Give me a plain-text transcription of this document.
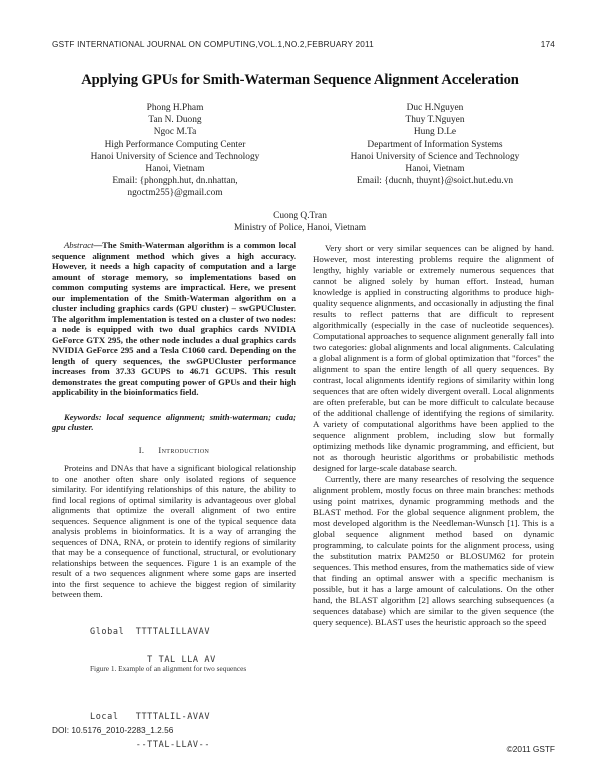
GSTF INTERNATIONAL JOURNAL ON COMPUTING,VOL.1,NO.2,FEBRUARY 2011	174
Applying GPUs for Smith-Waterman Sequence Alignment Acceleration
Phong H.Pham
Tan N. Duong
Ngoc M.Ta
High Performance Computing Center
Hanoi University of Science and Technology
Hanoi, Vietnam
Email: {phongph.hut, dn.nhattan,
ngoctm255}@gmail.com
Duc H.Nguyen
Thuy T.Nguyen
Hung D.Le
Department of Information Systems
Hanoi University of Science and Technology
Hanoi, Vietnam
Email: {ducnh, thuynt}@soict.hut.edu.vn
Cuong Q.Tran
Ministry of Police, Hanoi, Vietnam

Abstract—The Smith-Waterman algorithm is a common local sequence alignment method which gives a high accuracy. However, it needs a high capacity of computation and a large amount of storage memory, so implementations based on common computing systems are impractical. Here, we present our implementation of the Smith-Waterman algorithm on a cluster including graphics cards (GPU cluster) – swGPUCluster. The algorithm implementation is tested on a cluster of two nodes: a node is equipped with two dual graphics cards NVIDIA GeForce GTX 295, the other node includes a dual graphics cards NVIDIA GeForce 295 and a Tesla C1060 card. Depending on the length of query sequences, the swGPUCluster performance increases from 37.33 GCUPS to 46.71 GCUPS. This result demonstrates the great computing power of GPUs and their high applicability in the bioinformatics field.

Keywords: local sequence alignment; smith-waterman; cuda; gpu cluster.

I. Introduction

Proteins and DNAs that have a significant biological relationship to one another often share only isolated regions of sequence similarity. For identifying relationships of this nature, the ability to find local regions of optimal similarity is advantageous over global alignments that optimize the overall alignment of two entire sequences. Sequence alignment is one of the typical sequence data analysis problems in bioinformatics. It is a way of arranging the sequences of DNA, RNA, or protein to identify regions of similarity that may be a consequence of functional, structural, or evolutionary relationships between the sequences. Figure 1 is an example of the result of a two sequences alignment where some gaps are inserted into the first sequence to achieve the biggest region of similarity between them.

Global TTTTALILLAVAV

T TAL LLA AV

Local TTTTALIL-AVAV

--TTAL-LLAV--

Figure 1. Example of an alignment for two sequences

Very short or very similar sequences can be aligned by hand. However, most interesting problems require the alignment of lengthy, highly variable or extremely numerous sequences that cannot be aligned solely by human effort. Instead, human knowledge is applied in constructing algorithms to produce high-quality sequence alignments, and occasionally in adjusting the final results to reflect patterns that are difficult to represent algorithmically (especially in the case of nucleotide sequences). Computational approaches to sequence alignment generally fall into two categories: global alignments and local alignments. Calculating a global alignment is a form of global optimization that "forces" the alignment to span the entire length of all query sequences. By contrast, local alignments identify regions of similarity within long sequences that are often widely divergent overall. Local alignments are often preferable, but can be more difficult to calculate because of the additional challenge of identifying the regions of similarity. A variety of computational algorithms have been applied to the sequence alignment problem, including slow but formally optimizing methods like dynamic programming, and efficient, but not as thorough heuristic algorithms or probabilistic methods designed for large-scale database search.

Currently, there are many researches of resolving the sequence alignment problem, mostly focus on three main branches: methods using point matrixes, dynamic programming methods and the BLAST method. For the global sequence alignment problem, the most developed algorithm is the Needleman-Wunsch [1]. This is a global sequence alignment method based on dynamic programming, to calculate points for the alignment process, using the substitution matrix PAM250 or BLOSUM62 for protein sequences. This method ensures, from the mathematics side of view that finding an optimal answer with a specific mechanism is possible, but it has a large amount of calculations. On the other hand, the BLAST algorithm [2] allows searching subsequences (a sequences database) which are similar to the given sequence (the query sequence). BLAST uses the heuristic approach so the speed

DOI: 10.5176_2010-2283_1.2.56
©2011 GSTF
